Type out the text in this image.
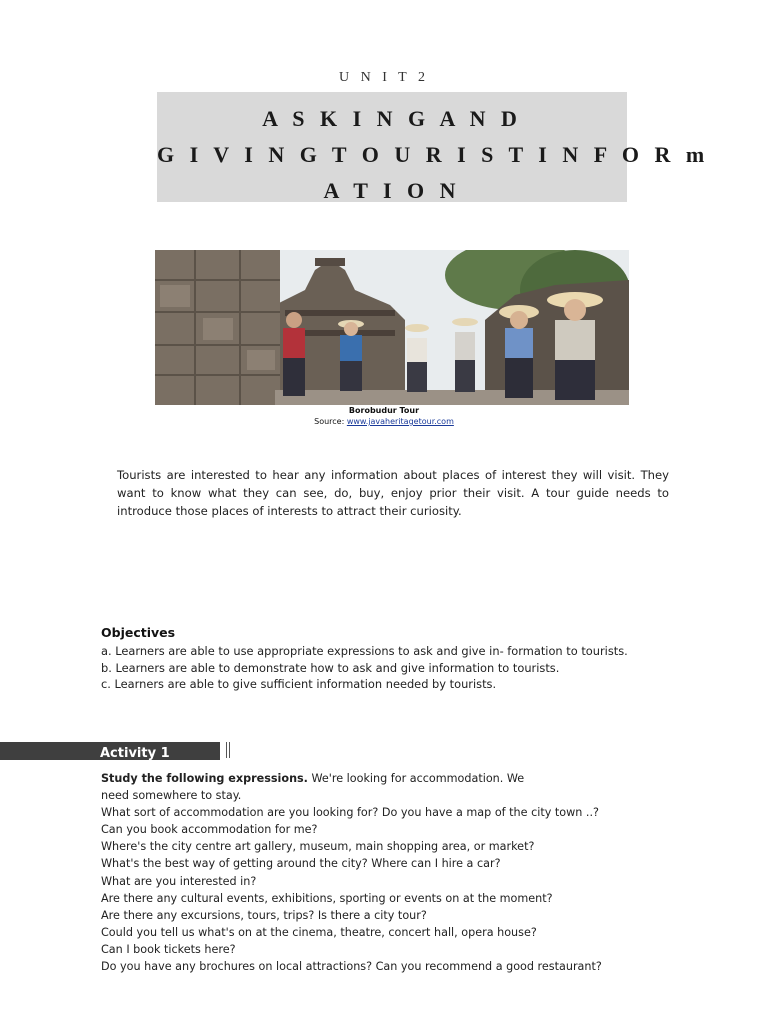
U N I T 2
A S K I N G A N D
G I V I N G T O U R I S T I N F O R m
A T I O N
Borobudur Tour
Source: www.javaheritagetour.com

Tourists are interested to hear any information about places of interest they will visit. They want to know what they can see, do, buy, enjoy prior their visit. A tour guide needs to introduce those places of interests to attract their curiosity.

Objectives
a. Learners are able to use appropriate expressions to ask and give in- formation to tourists.
b. Learners are able to demonstrate how to ask and give information to tourists.
c. Learners are able to give sufficient information needed by tourists.
Activity 1
Study the following expressions. We're looking for accommodation. We
need somewhere to stay.
What sort of accommodation are you looking for? Do you have a map of the city town ..?
Can you book accommodation for me?
Where's the city centre art gallery, museum, main shopping area, or market?
What's the best way of getting around the city? Where can I hire a car?
What are you interested in?
Are there any cultural events, exhibitions, sporting or events on at the moment?
Are there any excursions, tours, trips? Is there a city tour?
Could you tell us what's on at the cinema, theatre, concert hall, opera house?
Can I book tickets here?
Do you have any brochures on local attractions? Can you recommend a good restaurant?
